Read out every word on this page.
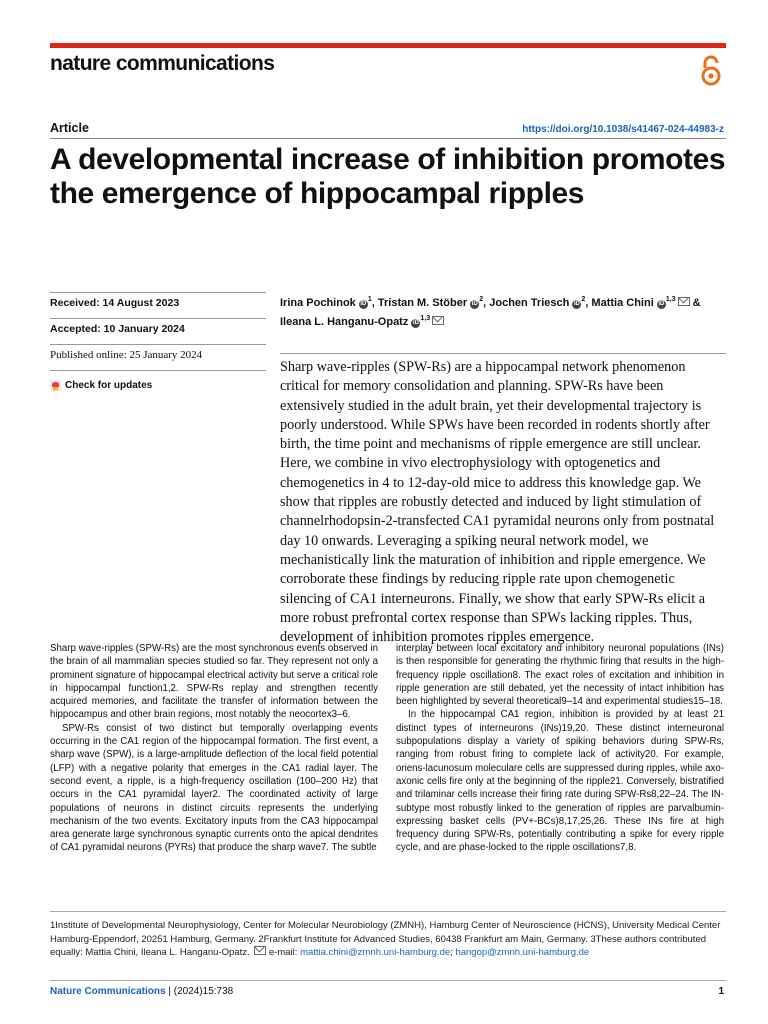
nature communications
Article	https://doi.org/10.1038/s41467-024-44983-z
A developmental increase of inhibition promotes the emergence of hippocampal ripples
Received: 14 August 2023
Accepted: 10 January 2024
Published online: 25 January 2024
Check for updates
Irina Pochinok $iD^1$, Tristan M. Stöber $iD^2$, Jochen Triesch $iD^2$, Mattia Chini iD$^{1,3}$ & Ileana L. Hanganu-Opatz iD$^{1,3}$

Sharp wave-ripples (SPW-Rs) are a hippocampal network phenomenon critical for memory consolidation and planning. SPW-Rs have been extensively studied in the adult brain, yet their developmental trajectory is poorly understood. While SPWs have been recorded in rodents shortly after birth, the time point and mechanisms of ripple emergence are still unclear. Here, we combine in vivo electrophysiology with optogenetics and chemogenetics in 4 to 12-day-old mice to address this knowledge gap. We show that ripples are robustly detected and induced by light stimulation of channelrhodopsin-2-transfected CA1 pyramidal neurons only from postnatal day 10 onwards. Leveraging a spiking neural network model, we mechanistically link the maturation of inhibition and ripple emergence. We corroborate these findings by reducing ripple rate upon chemogenetic silencing of CA1 interneurons. Finally, we show that early SPW-Rs elicit a more robust prefrontal cortex response than SPWs lacking ripples. Thus, development of inhibition promotes ripples emergence.

Sharp wave-ripples (SPW-Rs) are the most synchronous events observed in the brain of all mammalian species studied so far. They represent not only a prominent signature of hippocampal electrical activity but serve a critical role in hippocampal function1,2. SPW-Rs replay and strengthen recently acquired memories, and facilitate the transfer of information between the hippocampus and other brain regions, most notably the neocortex3–6.

SPW-Rs consist of two distinct but temporally overlapping events occurring in the CA1 region of the hippocampal formation. The first event, a sharp wave (SPW), is a large-amplitude deflection of the local field potential (LFP) with a negative polarity that emerges in the CA1 radial layer. The second event, a ripple, is a high-frequency oscillation (100–200 Hz) that occurs in the CA1 pyramidal layer2. The coordinated activity of large populations of neurons in distinct circuits represents the underlying mechanism of the two events. Excitatory inputs from the CA3 hippocampal area generate large synchronous synaptic currents onto the apical dendrites of CA1 pyramidal neurons (PYRs) that produce the sharp wave7. The subtle

interplay between local excitatory and inhibitory neuronal populations (INs) is then responsible for generating the rhythmic firing that results in the high-frequency ripple oscillation8. The exact roles of excitation and inhibition in ripple generation are still debated, yet the necessity of intact inhibition has been highlighted by several theoretical9–14 and experimental studies15–18.

In the hippocampal CA1 region, inhibition is provided by at least 21 distinct types of interneurons (INs)19,20. These distinct interneuronal subpopulations display a variety of spiking behaviors during SPW-Rs, ranging from robust firing to complete lack of activity20. For example, oriens-lacunosum moleculare cells are suppressed during ripples, while axo-axonic cells fire only at the beginning of the ripple21. Conversely, bistratified and trilaminar cells increase their firing rate during SPW-Rs8,22–24. The IN-subtype most robustly linked to the generation of ripples are parvalbumin-expressing basket cells (PV+-BCs)8,17,25,26. These INs fire at high frequency during SPW-Rs, potentially contributing a spike for every ripple cycle, and are phase-locked to the ripple oscillations7,8.

1Institute of Developmental Neurophysiology, Center for Molecular Neurobiology (ZMNH), Hamburg Center of Neuroscience (HCNS), University Medical Center Hamburg-Eppendorf, 20251 Hamburg, Germany. 2Frankfurt Institute for Advanced Studies, 60438 Frankfurt am Main, Germany. 3These authors contributed equally: Mattia Chini, Ileana L. Hanganu-Opatz. e-mail: mattia.chini@zmnh.uni-hamburg.de; hangop@zmnh.uni-hamburg.de

Nature Communications | (2024)15:738	1
